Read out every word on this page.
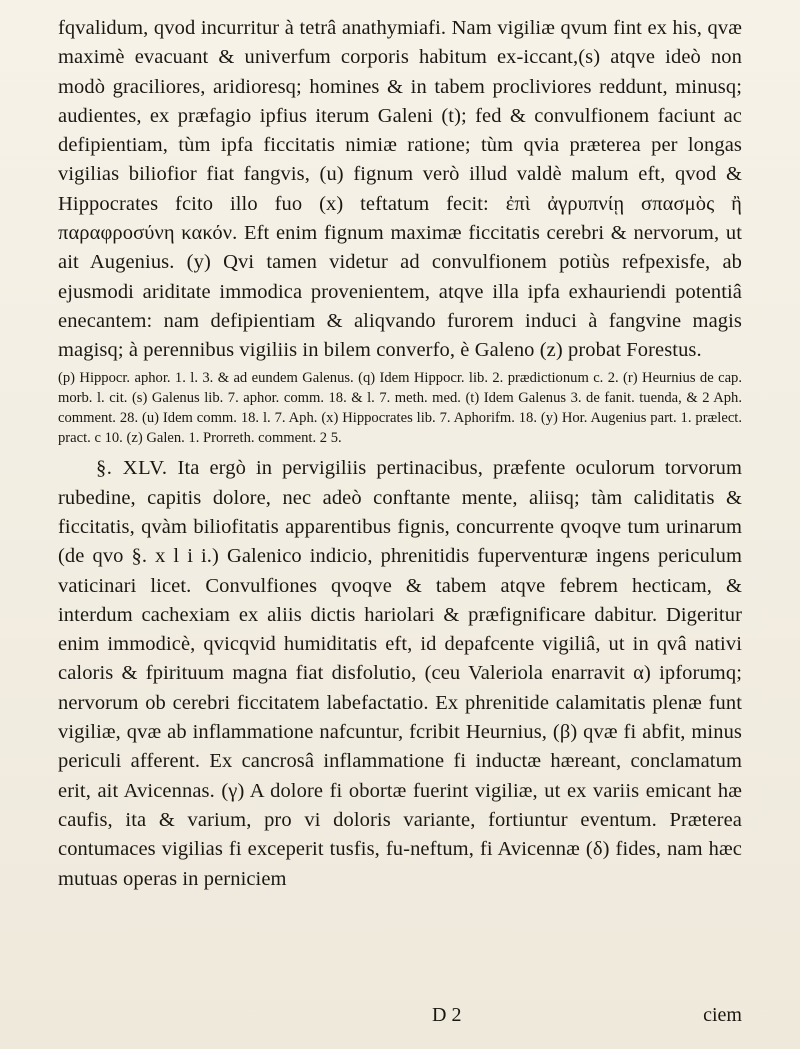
fqvalidum, qvod incurritur à tetrâ anathymiafi. Nam vigiliæ qvum fint ex his, qvæ maximè evacuant & univerfum corporis habitum ex-iccant,(s) atqve ideò non modò graciliores, aridioresq; homines & in tabem procliviores reddunt, minusq; audientes, ex præfagio ipfius iterum Galeni (t); fed & convulfionem faciunt ac defipientiam, tùm ipfa ficcitatis nimiæ ratione; tùm qvia præterea per longas vigilias biliofior fiat fangvis, (u) fignum verò illud valdè malum eft, qvod & Hippocrates fcito illo fuo (x) teftatum fecit: ἐπὶ ἀγρυπνίῃ σπασμὸς ἢ παραφροσύνη κακόν. Eft enim fignum maximæ ficcitatis cerebri & nervorum, ut ait Augenius. (y) Qvi tamen videtur ad convulfionem potiùs refpexisfe, ab ejusmodi ariditate immodica provenientem, atqve illa ipfa exhauriendi potentiâ enecantem: nam defipientiam & aliqvando furorem induci à fangvine magis magisq; à perennibus vigiliis in bilem converfo, è Galeno (z) probat Forestus.

(p) Hippocr. aphor. 1. l. 3. & ad eundem Galenus. (q) Idem Hippocr. lib. 2. prædictionum c. 2. (r) Heurnius de cap. morb. l. cit. (s) Galenus lib. 7. aphor. comm. 18. & l. 7. meth. med. (t) Idem Galenus 3. de fanit. tuenda, & 2 Aph. comment. 28. (u) Idem comm. 18. l. 7. Aph. (x) Hippocrates lib. 7. Aphorifm. 18. (y) Hor. Augenius part. 1. prælect. pract. c 10. (z) Galen. 1. Prorreth. comment. 2 5.

§. XLV. Ita ergò in pervigiliis pertinacibus, præfente oculorum torvorum rubedine, capitis dolore, nec adeò conftante mente, aliisq; tàm caliditatis & ficcitatis, qvàm biliofitatis apparentibus fignis, concurrente qvoqve tum urinarum (de qvo §. x l i i.) Galenico indicio, phrenitidis fuperventuræ ingens periculum vaticinari licet. Convulfiones qvoqve & tabem atqve febrem hecticam, & interdum cachexiam ex aliis dictis hariolari & præfignificare dabitur. Digeritur enim immodicè, qvicqvid humiditatis eft, id depafcente vigiliâ, ut in qvâ nativi caloris & fpirituum magna fiat disfolutio, (ceu Valeriola enarravit α) ipforumq; nervorum ob cerebri ficcitatem labefactatio. Ex phrenitide calamitatis plenæ funt vigiliæ, qvæ ab inflammatione nafcuntur, fcribit Heurnius, (β) qvæ fi abfit, minus periculi afferent. Ex cancrosâ inflammatione fi inductæ hæreant, conclamatum erit, ait Avicennas. (γ) A dolore fi obortæ fuerint vigiliæ, ut ex variis emicant hæ caufis, ita & varium, pro vi doloris variante, fortiuntur eventum. Præterea contumaces vigilias fi exceperit tusfis, fu-neftum, fi Avicennæ (δ) fides, nam hæc mutuas operas in perniciem

D 2	ciem
